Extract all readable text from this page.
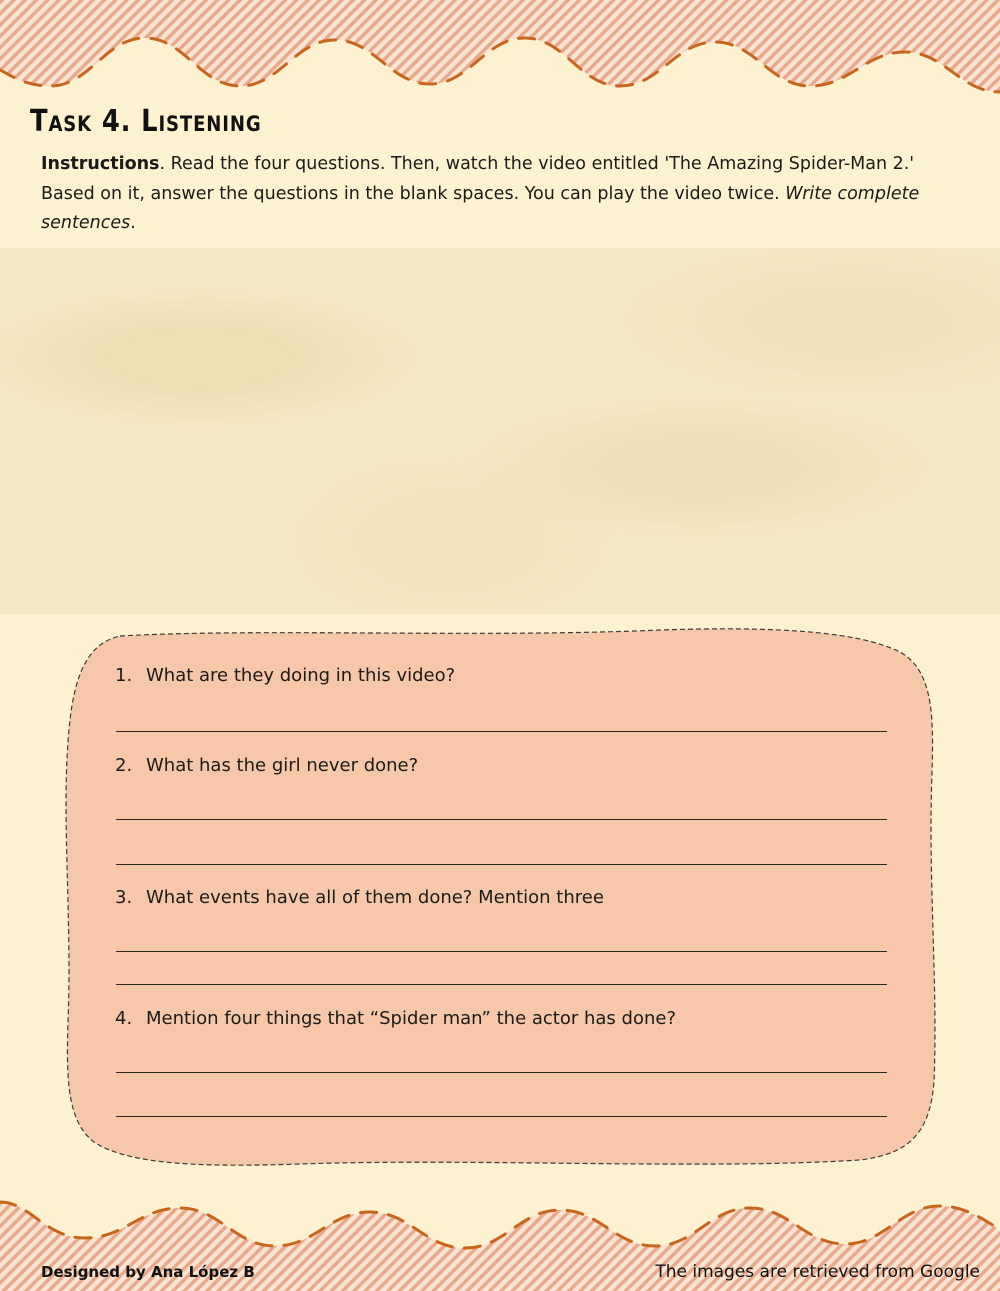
Task 4. Listening

Instructions. Read the four questions. Then, watch the video entitled 'The Amazing Spider-Man 2.' Based on it, answer the questions in the blank spaces. You can play the video twice. Write complete sentences.

1. What are they doing in this video?

2. What has the girl never done?

3. What events have all of them done? Mention three

4. Mention four things that “Spider man” the actor has done?

Designed by Ana López B	The images are retrieved from Google
